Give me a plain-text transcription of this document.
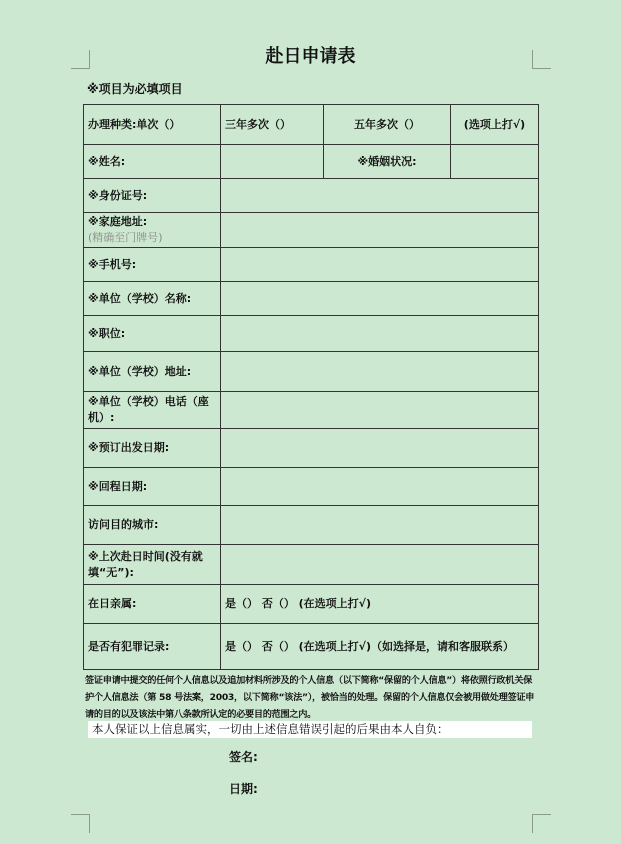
赴日申请表
※项目为必填项目
办理种类:单次（）	三年多次（）	五年多次（）	(选项上打√)
※姓名:		※婚姻状况:	
※身份证号:			
※家庭地址:
(精确至门牌号)			

※手机号:			
※单位（学校）名称:			
※职位:			
※单位（学校）地址:			
※单位（学校）电话（座机）:			
※预订出发日期:			
※回程日期:			
访问目的城市:			
※上次赴日时间(没有就填“无”):			
在日亲属:	是（） 否（） (在选项上打√)		
是否有犯罪记录:	是（） 否（） (在选项上打√)（如选择是，请和客服联系）		
签证申请中提交的任何个人信息以及追加材料所涉及的个人信息（以下简称“保留的个人信息”）将依照行政机关保护个人信息法（第 58 号法案，2003，以下简称“该法”），被恰当的处理。保留的个人信息仅会被用做处理签证申请的目的以及该法中第八条款所认定的必要目的范围之内。
本人保证以上信息属实，一切由上述信息错误引起的后果由本人自负：
签名:
日期:
